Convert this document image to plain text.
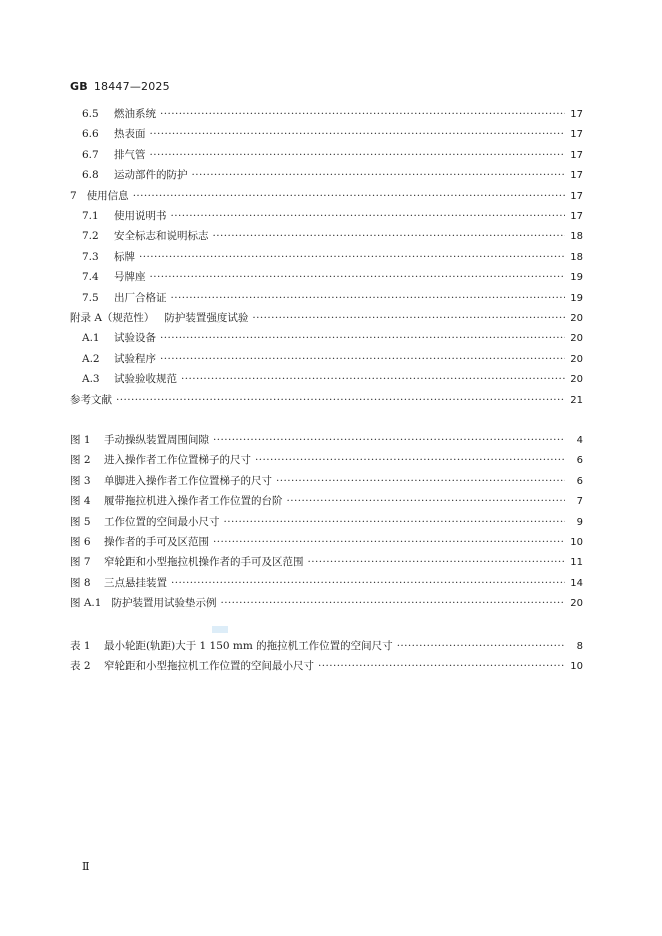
GB 18447—2025
6.5	燃油系统 ·····	17
6.6	热表面 ·····	17
6.7	排气管 ·····	17
6.8	运动部件的防护 ·····	17
7 使用信息 ·····	17
7.1	使用说明书 ·····	17
7.2	安全标志和说明标志 ·····	18
7.3	标牌 ·····	18
7.4	号牌座 ·····	19
7.5	出厂合格证 ·····	19
附录 A（规范性） 防护装置强度试验 ·····	20
A.1	试验设备 ·····	20
A.2	试验程序 ·····	20
A.3	试验验收规范 ·····	20
参考文献 ·····	21
图 1	手动操纵装置周围间隙 ·····	4
图 2	进入操作者工作位置梯子的尺寸 ·····	6
图 3	单脚进入操作者工作位置梯子的尺寸 ·····	6
图 4	履带拖拉机进入操作者工作位置的台阶 ·····	7
图 5	工作位置的空间最小尺寸 ·····	9
图 6	操作者的手可及区范围 ·····	10
图 7	窄轮距和小型拖拉机操作者的手可及区范围 ·····	11
图 8	三点悬挂装置 ·····	14
图 A.1 防护装置用试验垫示例 ·····	20
表 1	最小轮距(轨距)大于 1 150 mm 的拖拉机工作位置的空间尺寸 ·····	8
表 2	窄轮距和小型拖拉机工作位置的空间最小尺寸 ·····	10
Ⅱ
